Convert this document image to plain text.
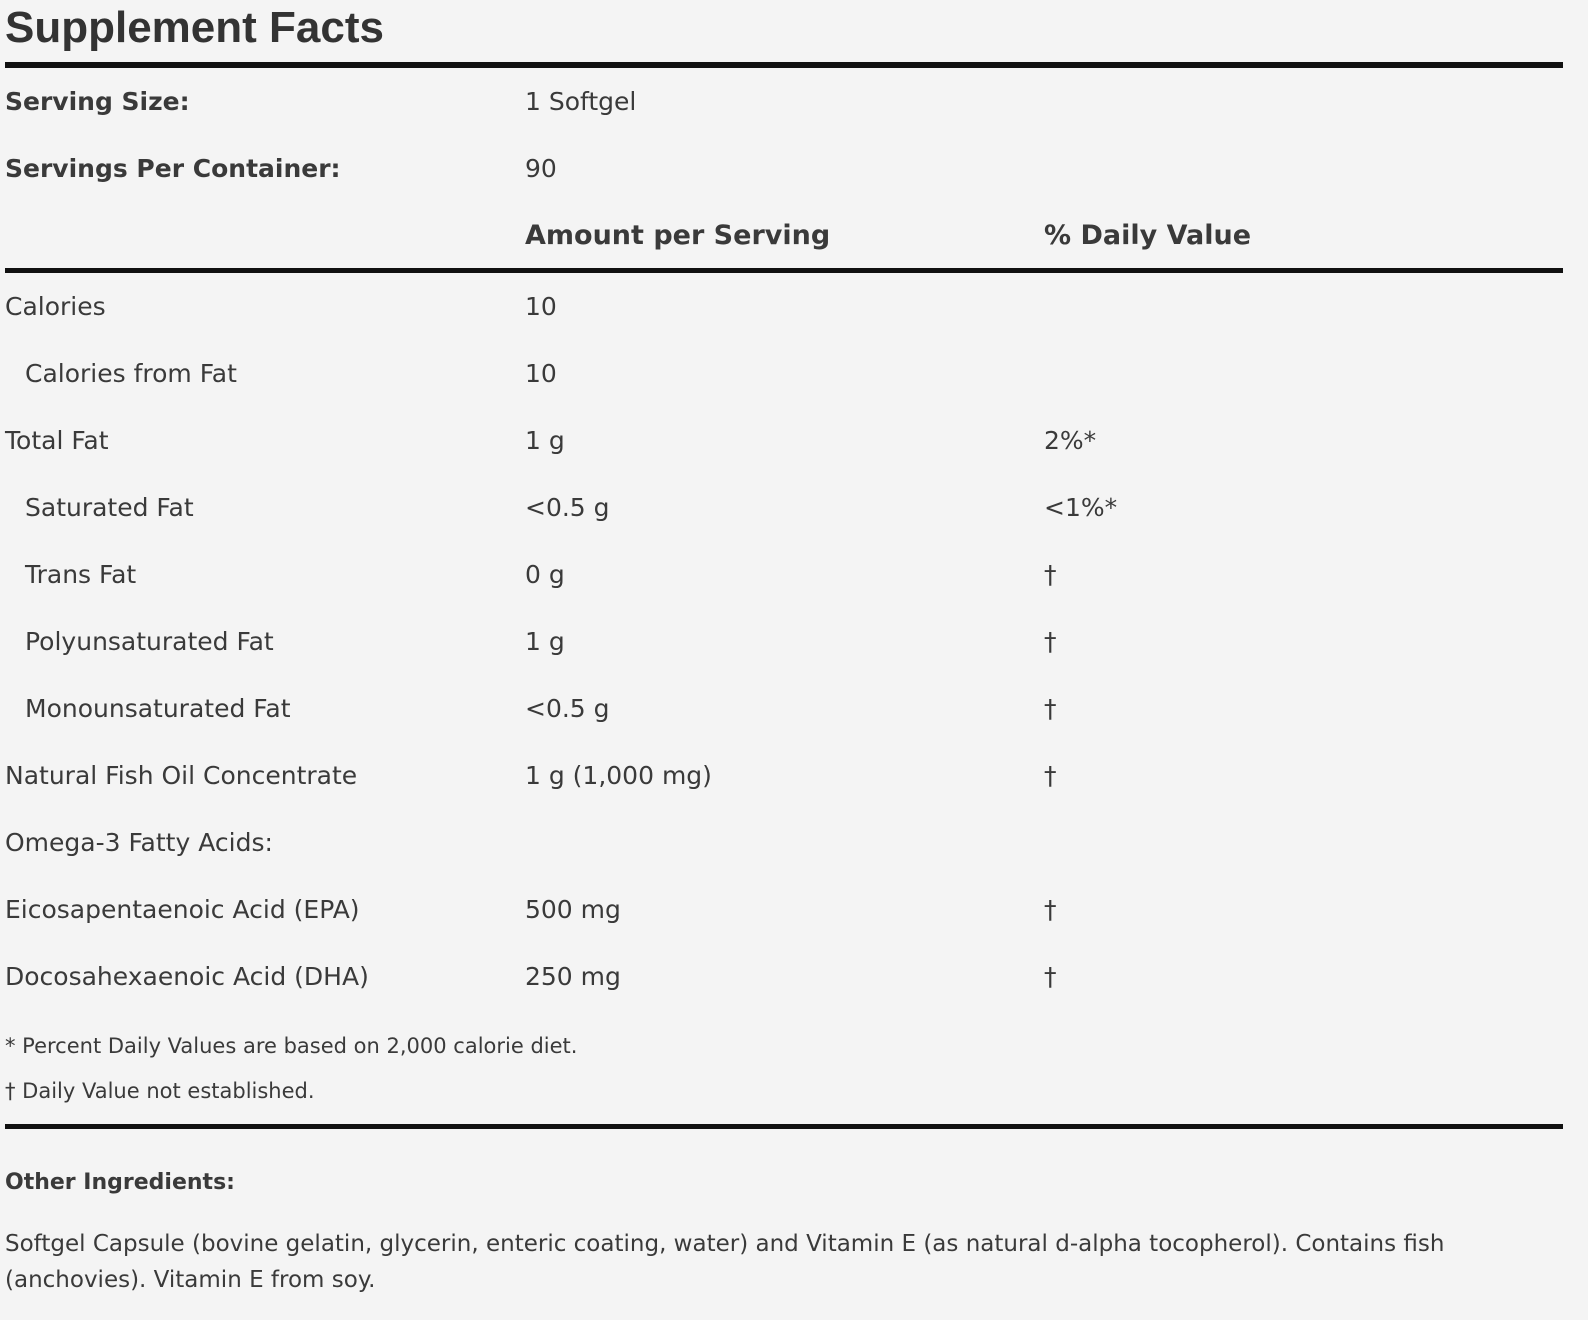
Supplement Facts
Serving Size:	1 Softgel
Servings Per Container:	90
Amount per Serving	% Daily Value
Calories	10
Calories from Fat	10
Total Fat	1 g	2%*
Saturated Fat	<0.5 g	<1%*
Trans Fat	0 g	†
Polyunsaturated Fat	1 g	†
Monounsaturated Fat	<0.5 g	†
Natural Fish Oil Concentrate	1 g (1,000 mg)	†
Omega-3 Fatty Acids:
Eicosapentaenoic Acid (EPA)	500 mg	†
Docosahexaenoic Acid (DHA)	250 mg	†
* Percent Daily Values are based on 2,000 calorie diet.
† Daily Value not established.
Other Ingredients:
Softgel Capsule (bovine gelatin, glycerin, enteric coating, water) and Vitamin E (as natural d-alpha tocopherol). Contains fish (anchovies). Vitamin E from soy.
